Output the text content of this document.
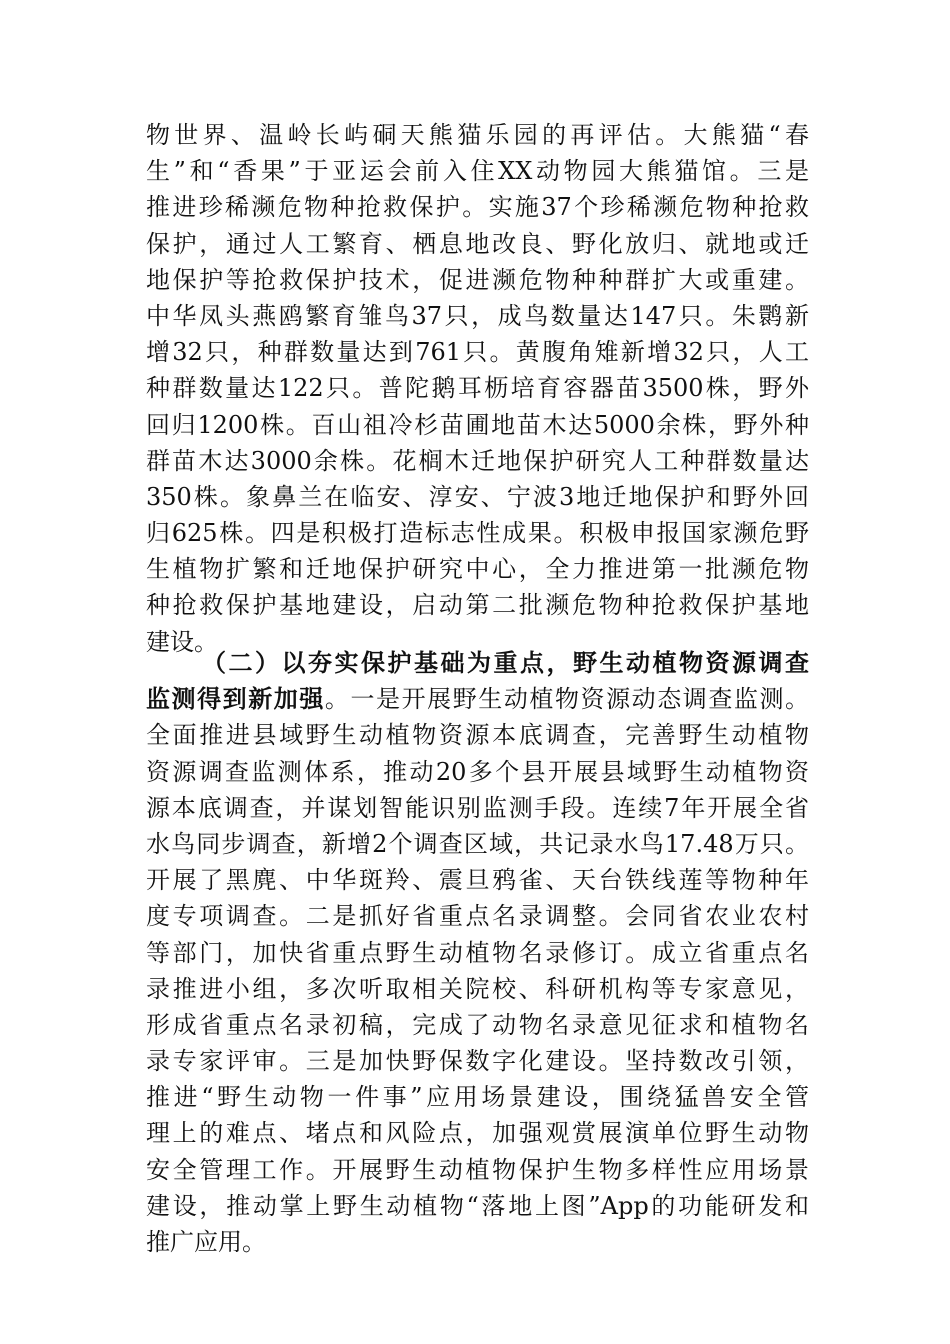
物世界、温岭长屿硐天熊猫乐园的再评估。大熊猫“春
生”和“香果”于亚运会前入住XX动物园大熊猫馆。三是
推进珍稀濒危物种抢救保护。实施37个珍稀濒危物种抢救
保护，通过人工繁育、栖息地改良、野化放归、就地或迁
地保护等抢救保护技术，促进濒危物种种群扩大或重建。
中华凤头燕鸥繁育雏鸟37只，成鸟数量达147只。朱鹮新
增32只，种群数量达到761只。黄腹角雉新增32只，人工
种群数量达122只。普陀鹅耳枥培育容器苗3500株，野外
回归1200株。百山祖冷杉苗圃地苗木达5000余株，野外种
群苗木达3000余株。花榈木迁地保护研究人工种群数量达
350株。象鼻兰在临安、淳安、宁波3地迁地保护和野外回
归625株。四是积极打造标志性成果。积极申报国家濒危野
生植物扩繁和迁地保护研究中心，全力推进第一批濒危物
种抢救保护基地建设，启动第二批濒危物种抢救保护基地
建设。
（二）以夯实保护基础为重点，野生动植物资源调查
监测得到新加强。一是开展野生动植物资源动态调查监测。
全面推进县域野生动植物资源本底调查，完善野生动植物
资源调查监测体系，推动20多个县开展县域野生动植物资
源本底调查，并谋划智能识别监测手段。连续7年开展全省
水鸟同步调查，新增2个调查区域，共记录水鸟17.48万只。
开展了黑麂、中华斑羚、震旦鸦雀、天台铁线莲等物种年
度专项调查。二是抓好省重点名录调整。会同省农业农村
等部门，加快省重点野生动植物名录修订。成立省重点名
录推进小组，多次听取相关院校、科研机构等专家意见，
形成省重点名录初稿，完成了动物名录意见征求和植物名
录专家评审。三是加快野保数字化建设。坚持数改引领，
推进“野生动物一件事”应用场景建设，围绕猛兽安全管
理上的难点、堵点和风险点，加强观赏展演单位野生动物
安全管理工作。开展野生动植物保护生物多样性应用场景
建设，推动掌上野生动植物“落地上图”App的功能研发和
推广应用。
